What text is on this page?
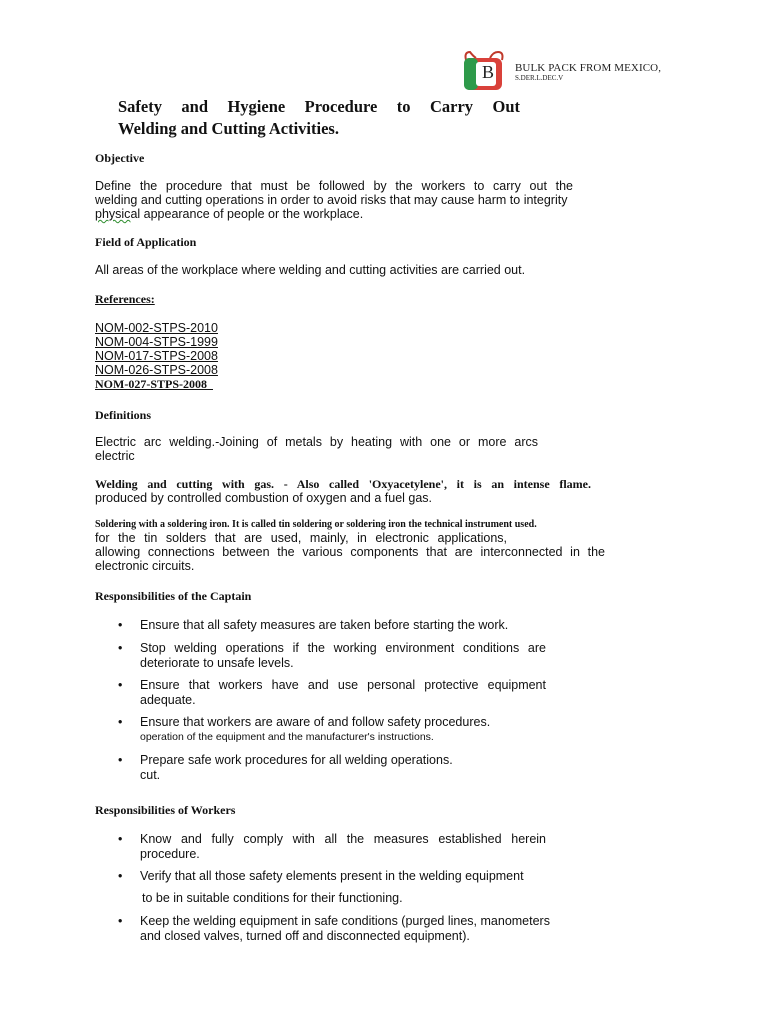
B BULK PACK FROM MEXICO,
S.DER.L.DEC.V
Safety and Hygiene Procedure to Carry Out
Welding and Cutting Activities.
Objective
Define the procedure that must be followed by the workers to carry out the
welding and cutting operations in order to avoid risks that may cause harm to integrity
physical appearance of people or the workplace.
Field of Application
All areas of the workplace where welding and cutting activities are carried out.
References:
NOM-002-STPS-2010
NOM-004-STPS-1999
NOM-017-STPS-2008
NOM-026-STPS-2008
NOM-027-STPS-2008
Definitions
Electric arc welding.-Joining of metals by heating with one or more arcs
electric
Welding and cutting with gas. - Also called 'Oxyacetylene', it is an intense flame.
produced by controlled combustion of oxygen and a fuel gas.
Soldering with a soldering iron. It is called tin soldering or soldering iron the technical instrument used.
for the tin solders that are used, mainly, in electronic applications,
allowing connections between the various components that are interconnected in the
electronic circuits.
Responsibilities of the Captain
• Ensure that all safety measures are taken before starting the work.
• Stop welding operations if the working environment conditions are
deteriorate to unsafe levels.
• Ensure that workers have and use personal protective equipment
adequate.
• Ensure that workers are aware of and follow safety procedures.
operation of the equipment and the manufacturer's instructions.
• Prepare safe work procedures for all welding operations.
cut.
Responsibilities of Workers
• Know and fully comply with all the measures established herein
procedure.
• Verify that all those safety elements present in the welding equipment
to be in suitable conditions for their functioning.
• Keep the welding equipment in safe conditions (purged lines, manometers
and closed valves, turned off and disconnected equipment).
